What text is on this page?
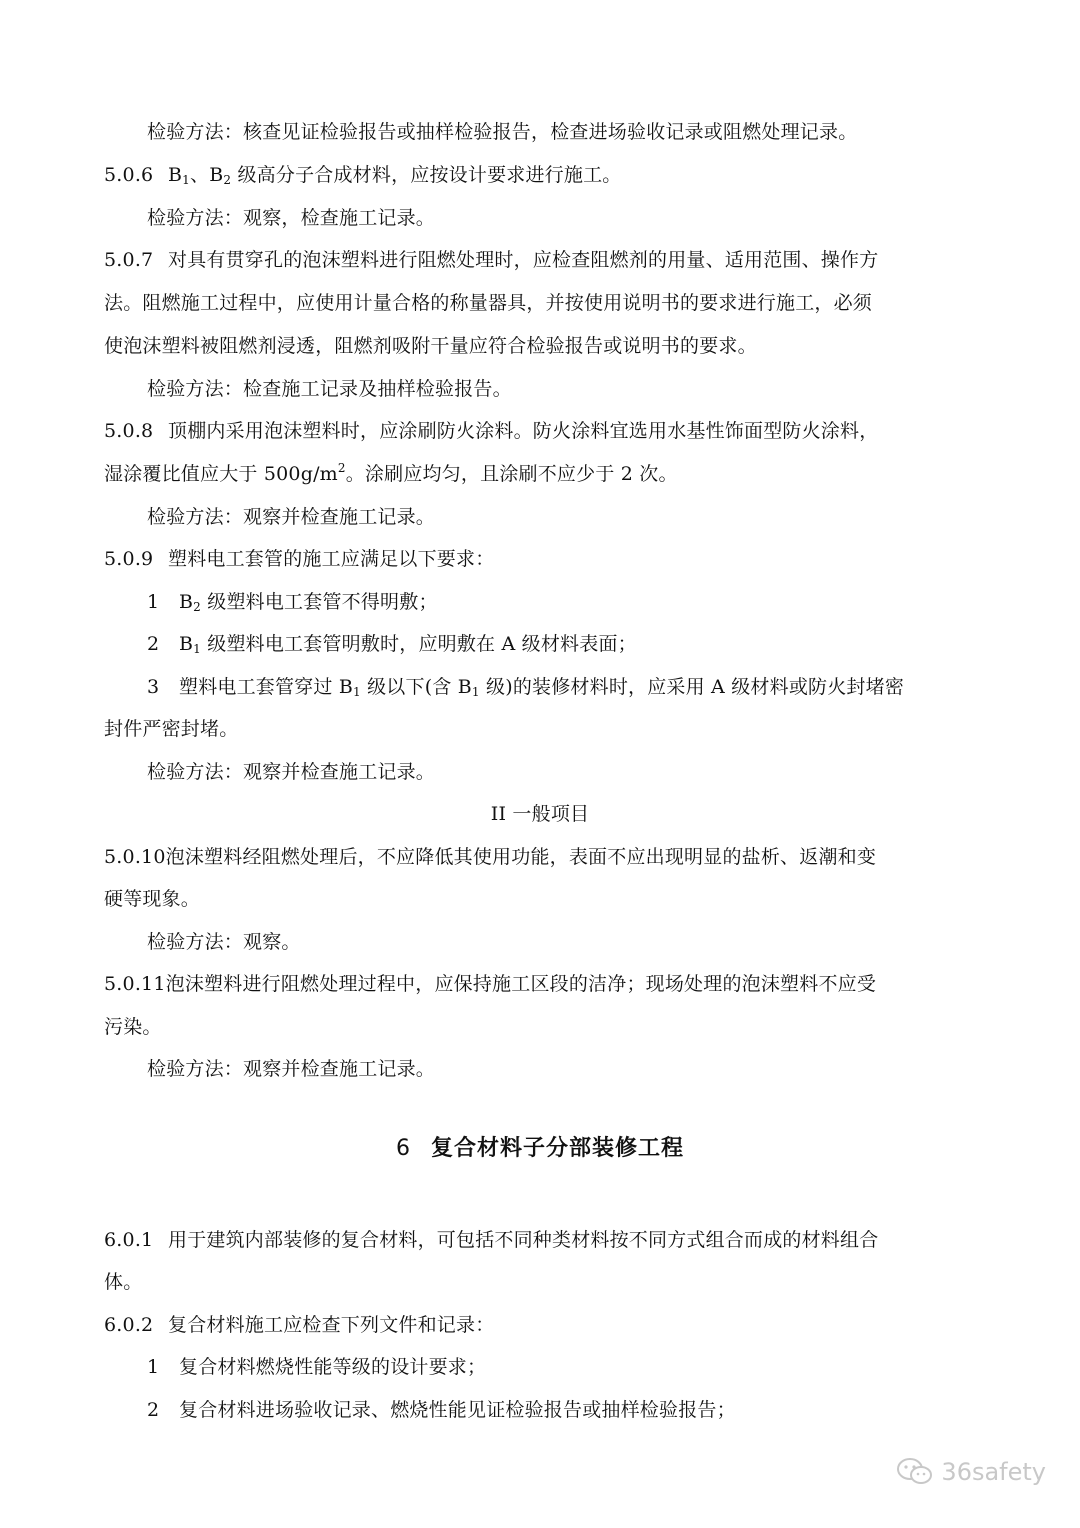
检验方法：核查见证检验报告或抽样检验报告，检查进场验收记录或阻燃处理记录。
5.0.6 $B_1$、$B_2$ 级高分子合成材料，应按设计要求进行施工。
检验方法：观察，检查施工记录。
5.0.7 对具有贯穿孔的泡沫塑料进行阻燃处理时，应检查阻燃剂的用量、适用范围、操作方
法。阻燃施工过程中，应使用计量合格的称量器具，并按使用说明书的要求进行施工，必须
使泡沫塑料被阻燃剂浸透，阻燃剂吸附干量应符合检验报告或说明书的要求。
检验方法：检查施工记录及抽样检验报告。
5.0.8 顶棚内采用泡沫塑料时，应涂刷防火涂料。防火涂料宜选用水基性饰面型防火涂料，
湿涂覆比值应大于 $500g/m^2$。涂刷应均匀，且涂刷不应少于 2 次。
检验方法：观察并检查施工记录。
5.0.9 塑料电工套管的施工应满足以下要求：
1 $B_2$ 级塑料电工套管不得明敷；
2 $B_1$ 级塑料电工套管明敷时，应明敷在 A 级材料表面；
3 塑料电工套管穿过 $B_1$ 级以下(含 $B_1$ 级)的装修材料时，应采用 A 级材料或防火封堵密
封件严密封堵。
检验方法：观察并检查施工记录。
II 一般项目
5.0.10泡沫塑料经阻燃处理后，不应降低其使用功能，表面不应出现明显的盐析、返潮和变
硬等现象。
检验方法：观察。
5.0.11泡沫塑料进行阻燃处理过程中，应保持施工区段的洁净；现场处理的泡沫塑料不应受
污染。
检验方法：观察并检查施工记录。
6 复合材料子分部装修工程
6.0.1 用于建筑内部装修的复合材料，可包括不同种类材料按不同方式组合而成的材料组合
体。
6.0.2 复合材料施工应检查下列文件和记录：
1 复合材料燃烧性能等级的设计要求；
2 复合材料进场验收记录、燃烧性能见证检验报告或抽样检验报告；
36safety
